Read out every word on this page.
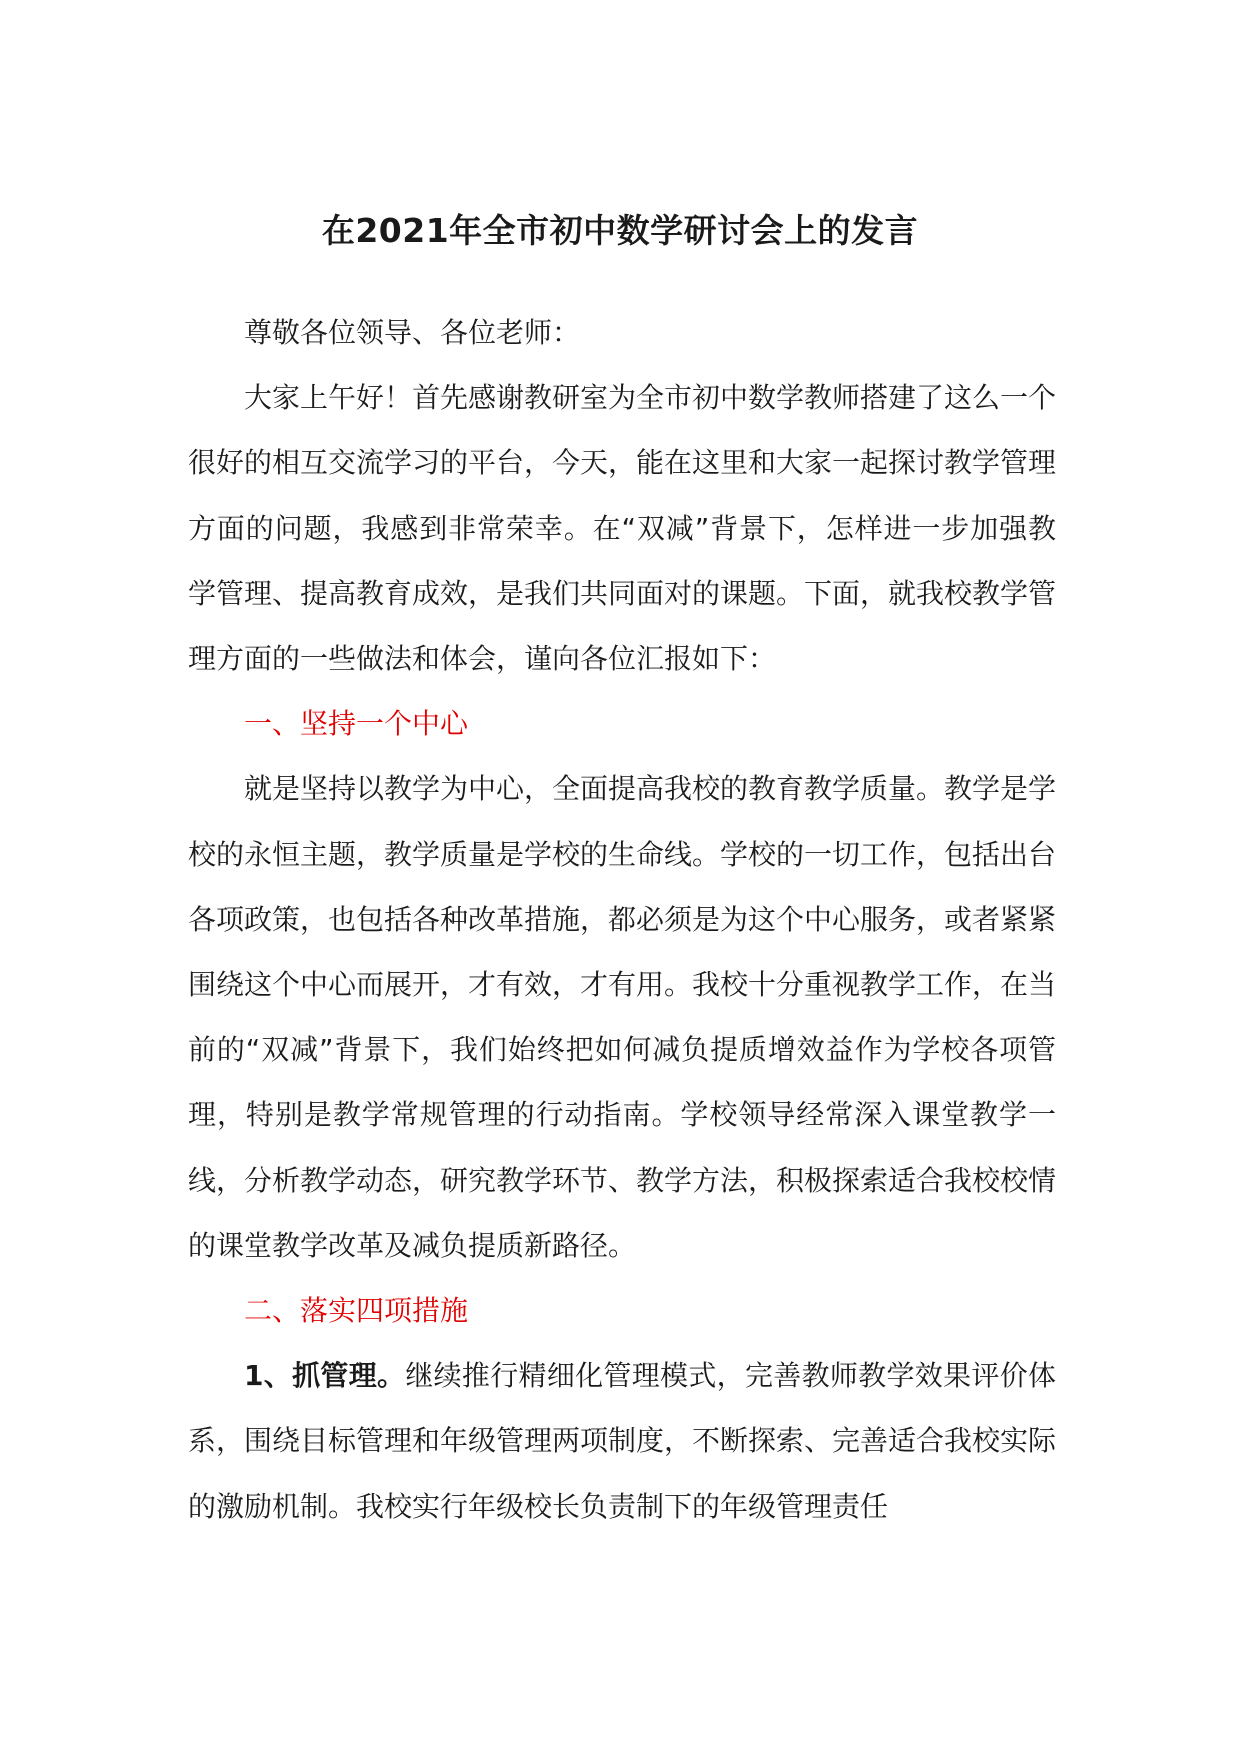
在2021年全市初中数学研讨会上的发言

尊敬各位领导、各位老师：

大家上午好！首先感谢教研室为全市初中数学教师搭建了这么一个很好的相互交流学习的平台，今天，能在这里和大家一起探讨教学管理方面的问题，我感到非常荣幸。在“双减”背景下，怎样进一步加强教学管理、提高教育成效，是我们共同面对的课题。下面，就我校教学管理方面的一些做法和体会，谨向各位汇报如下：

一、坚持一个中心

就是坚持以教学为中心，全面提高我校的教育教学质量。教学是学校的永恒主题，教学质量是学校的生命线。学校的一切工作，包括出台各项政策，也包括各种改革措施，都必须是为这个中心服务，或者紧紧围绕这个中心而展开，才有效，才有用。我校十分重视教学工作，在当前的“双减”背景下，我们始终把如何减负提质增效益作为学校各项管理，特别是教学常规管理的行动指南。学校领导经常深入课堂教学一线，分析教学动态，研究教学环节、教学方法，积极探索适合我校校情的课堂教学改革及减负提质新路径。

二、落实四项措施

1、抓管理。继续推行精细化管理模式，完善教师教学效果评价体系，围绕目标管理和年级管理两项制度，不断探索、完善适合我校实际的激励机制。我校实行年级校长负责制下的年级管理责任
